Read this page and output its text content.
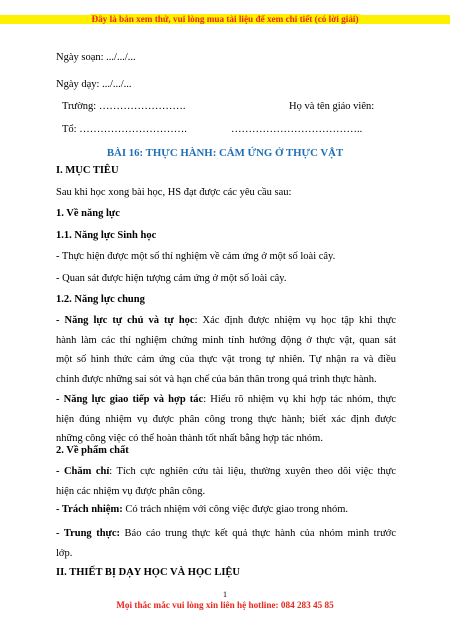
Đây là bản xem thử, vui lòng mua tài liệu để xem chi tiết (có lời giải)
Ngày soạn: .../.../...
Ngày dạy: .../.../...
Trường: …………………….	Họ và tên giáo viên:
Tổ: ………………………….	………………………………..
BÀI 16: THỰC HÀNH: CẢM ỨNG Ở THỰC VẬT
I. MỤC TIÊU
Sau khi học xong bài học, HS đạt được các yêu cầu sau:
1. Về năng lực
1.1. Năng lực Sinh học
- Thực hiện được một số thí nghiệm về cảm ứng ở một số loài cây.
- Quan sát được hiện tượng cảm ứng ở một số loài cây.
1.2. Năng lực chung
- Năng lực tự chủ và tự học: Xác định được nhiệm vụ học tập khi thực
hành làm các thí nghiệm chứng minh tính hướng động ở thực vật, quan sát
một số hình thức cảm ứng của thực vật trong tự nhiên. Tự nhận ra và điều
chỉnh được những sai sót và hạn chế của bản thân trong quá trình thực hành.
- Năng lực giao tiếp và hợp tác: Hiểu rõ nhiệm vụ khi hợp tác nhóm, thực
hiện đúng nhiệm vụ được phân công trong thực hành; biết xác định được
những công việc có thể hoàn thành tốt nhất bằng hợp tác nhóm.
2. Về phẩm chất
- Chăm chỉ: Tích cực nghiên cứu tài liệu, thường xuyên theo dõi việc thực
hiện các nhiệm vụ được phân công.
- Trách nhiệm: Có trách nhiệm với công việc được giao trong nhóm.
- Trung thực: Báo cáo trung thực kết quả thực hành của nhóm mình trước
lớp.
II. THIẾT BỊ DẠY HỌC VÀ HỌC LIỆU
1
Mọi thắc mắc vui lòng xin liên hệ hotline: 084 283 45 85
